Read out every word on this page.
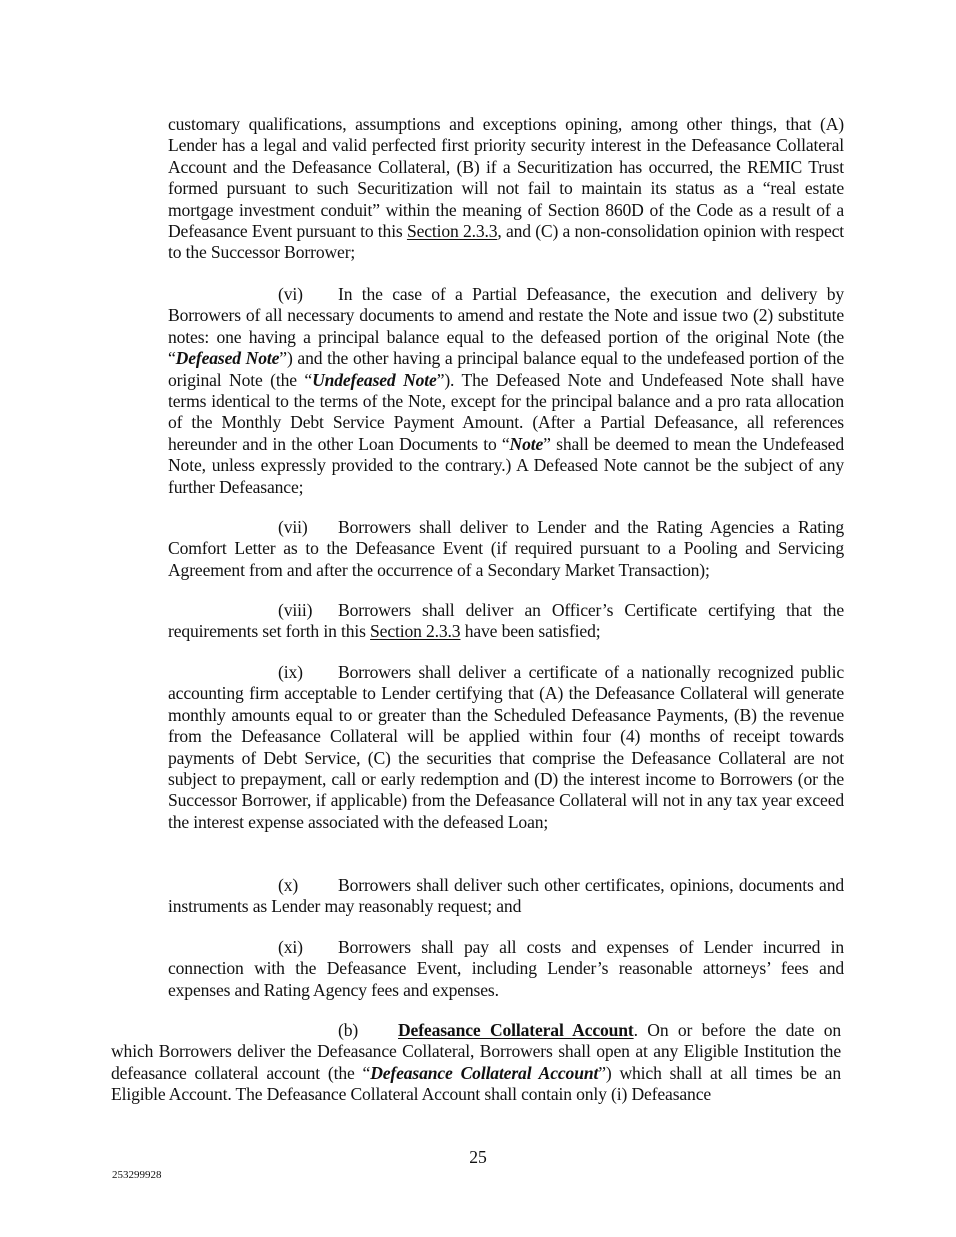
customary qualifications, assumptions and exceptions opining, among other things, that (A) Lender has a legal and valid perfected first priority security interest in the Defeasance Collateral Account and the Defeasance Collateral, (B) if a Securitization has occurred, the REMIC Trust formed pursuant to such Securitization will not fail to maintain its status as a “real estate mortgage investment conduit” within the meaning of Section 860D of the Code as a result of a Defeasance Event pursuant to this Section 2.3.3, and (C) a non-consolidation opinion with respect to the Successor Borrower;

(vi) In the case of a Partial Defeasance, the execution and delivery by Borrowers of all necessary documents to amend and restate the Note and issue two (2) substitute notes: one having a principal balance equal to the defeased portion of the original Note (the “Defeased Note”) and the other having a principal balance equal to the undefeased portion of the original Note (the “Undefeased Note”). The Defeased Note and Undefeased Note shall have terms identical to the terms of the Note, except for the principal balance and a pro rata allocation of the Monthly Debt Service Payment Amount. (After a Partial Defeasance, all references hereunder and in the other Loan Documents to “Note” shall be deemed to mean the Undefeased Note, unless expressly provided to the contrary.) A Defeased Note cannot be the subject of any further Defeasance;

(vii) Borrowers shall deliver to Lender and the Rating Agencies a Rating Comfort Letter as to the Defeasance Event (if required pursuant to a Pooling and Servicing Agreement from and after the occurrence of a Secondary Market Transaction);

(viii) Borrowers shall deliver an Officer’s Certificate certifying that the requirements set forth in this Section 2.3.3 have been satisfied;

(ix) Borrowers shall deliver a certificate of a nationally recognized public accounting firm acceptable to Lender certifying that (A) the Defeasance Collateral will generate monthly amounts equal to or greater than the Scheduled Defeasance Payments, (B) the revenue from the Defeasance Collateral will be applied within four (4) months of receipt towards payments of Debt Service, (C) the securities that comprise the Defeasance Collateral are not subject to prepayment, call or early redemption and (D) the interest income to Borrowers (or the Successor Borrower, if applicable) from the Defeasance Collateral will not in any tax year exceed the interest expense associated with the defeased Loan;

(x) Borrowers shall deliver such other certificates, opinions, documents and instruments as Lender may reasonably request; and

(xi) Borrowers shall pay all costs and expenses of Lender incurred in connection with the Defeasance Event, including Lender’s reasonable attorneys’ fees and expenses and Rating Agency fees and expenses.

(b) Defeasance Collateral Account. On or before the date on which Borrowers deliver the Defeasance Collateral, Borrowers shall open at any Eligible Institution the defeasance collateral account (the “Defeasance Collateral Account”) which shall at all times be an Eligible Account. The Defeasance Collateral Account shall contain only (i) Defeasance

25
253299928
